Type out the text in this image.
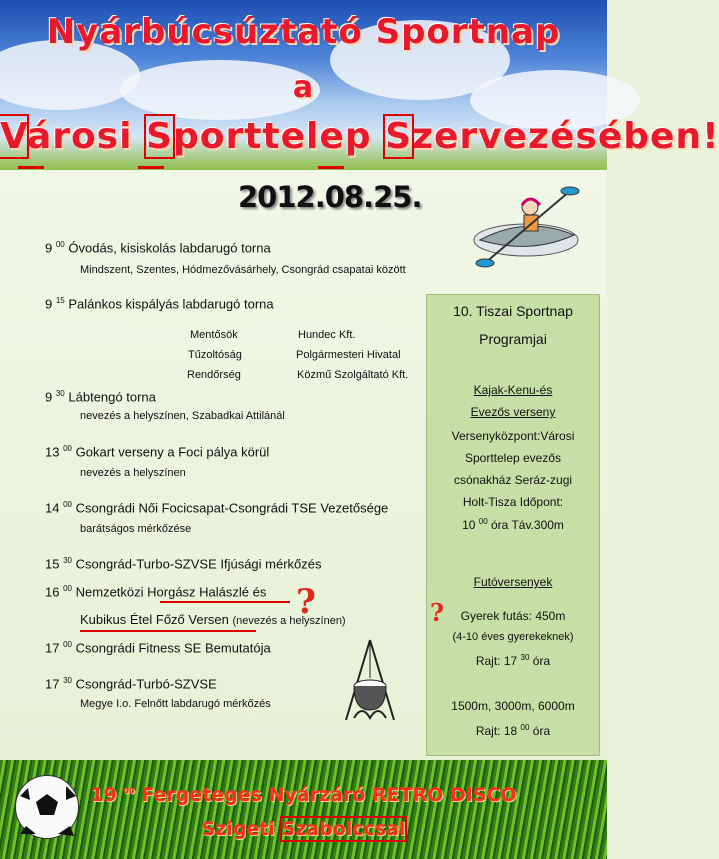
Nyárbúcsúztató Sportnap
a
Városi Sporttelep Szervezésében!
2012.08.25.
9 $^{00}$ Óvodás, kisiskolás labdarugó torna
Mindszent, Szentes, Hódmezővásárhely, Csongrád csapatai között
9 $^{15}$ Palánkos kispályás labdarugó torna
Mentősök
Tűzoltóság
Rendőrség
Hundec Kft.
Polgármesteri Hivatal
Közmű Szolgáltató Kft.
9 $^{30}$ Lábtengó torna
nevezés a helyszínen, Szabadkai Attilánál
13 $^{00}$ Gokart verseny a Foci pálya körül
nevezés a helyszínen
14 $^{00}$ Csongrádi Női Focicsapat-Csongrádi TSE Vezetősége
barátságos mérkőzése
15 $^{30}$ Csongrád-Turbo-SZVSE Ifjúsági mérkőzés
16 $^{00}$ Nemzetközi Horgász Halászlé és
Kubikus Étel Főző Versen (nevezés a helyszínen)
?
17 $^{00}$ Csongrádi Fitness SE Bemutatója
17 $^{30}$ Csongrád-Turbó-SZVSE
Megye I.o. Felnőtt labdarugó mérkőzés
10. Tiszai Sportnap
Programjai
Kajak-Kenu-és
Evezős verseny
Versenyközpont:Városi
Sporttelep evezős
csónakház Seráz-zugi
Holt-Tisza Időpont:
10 $^{00}$ óra Táv.300m
Futóversenyek
Gyerek futás: 450m
(4-10 éves gyerekeknek)
Rajt: 17 $^{30}$ óra
1500m, 3000m, 6000m
Rajt: 18 $^{00}$ óra
?
19 $^{00}$ Fergeteges Nyárzáró RETRO DISCO
Szigeti Szabolccsal
